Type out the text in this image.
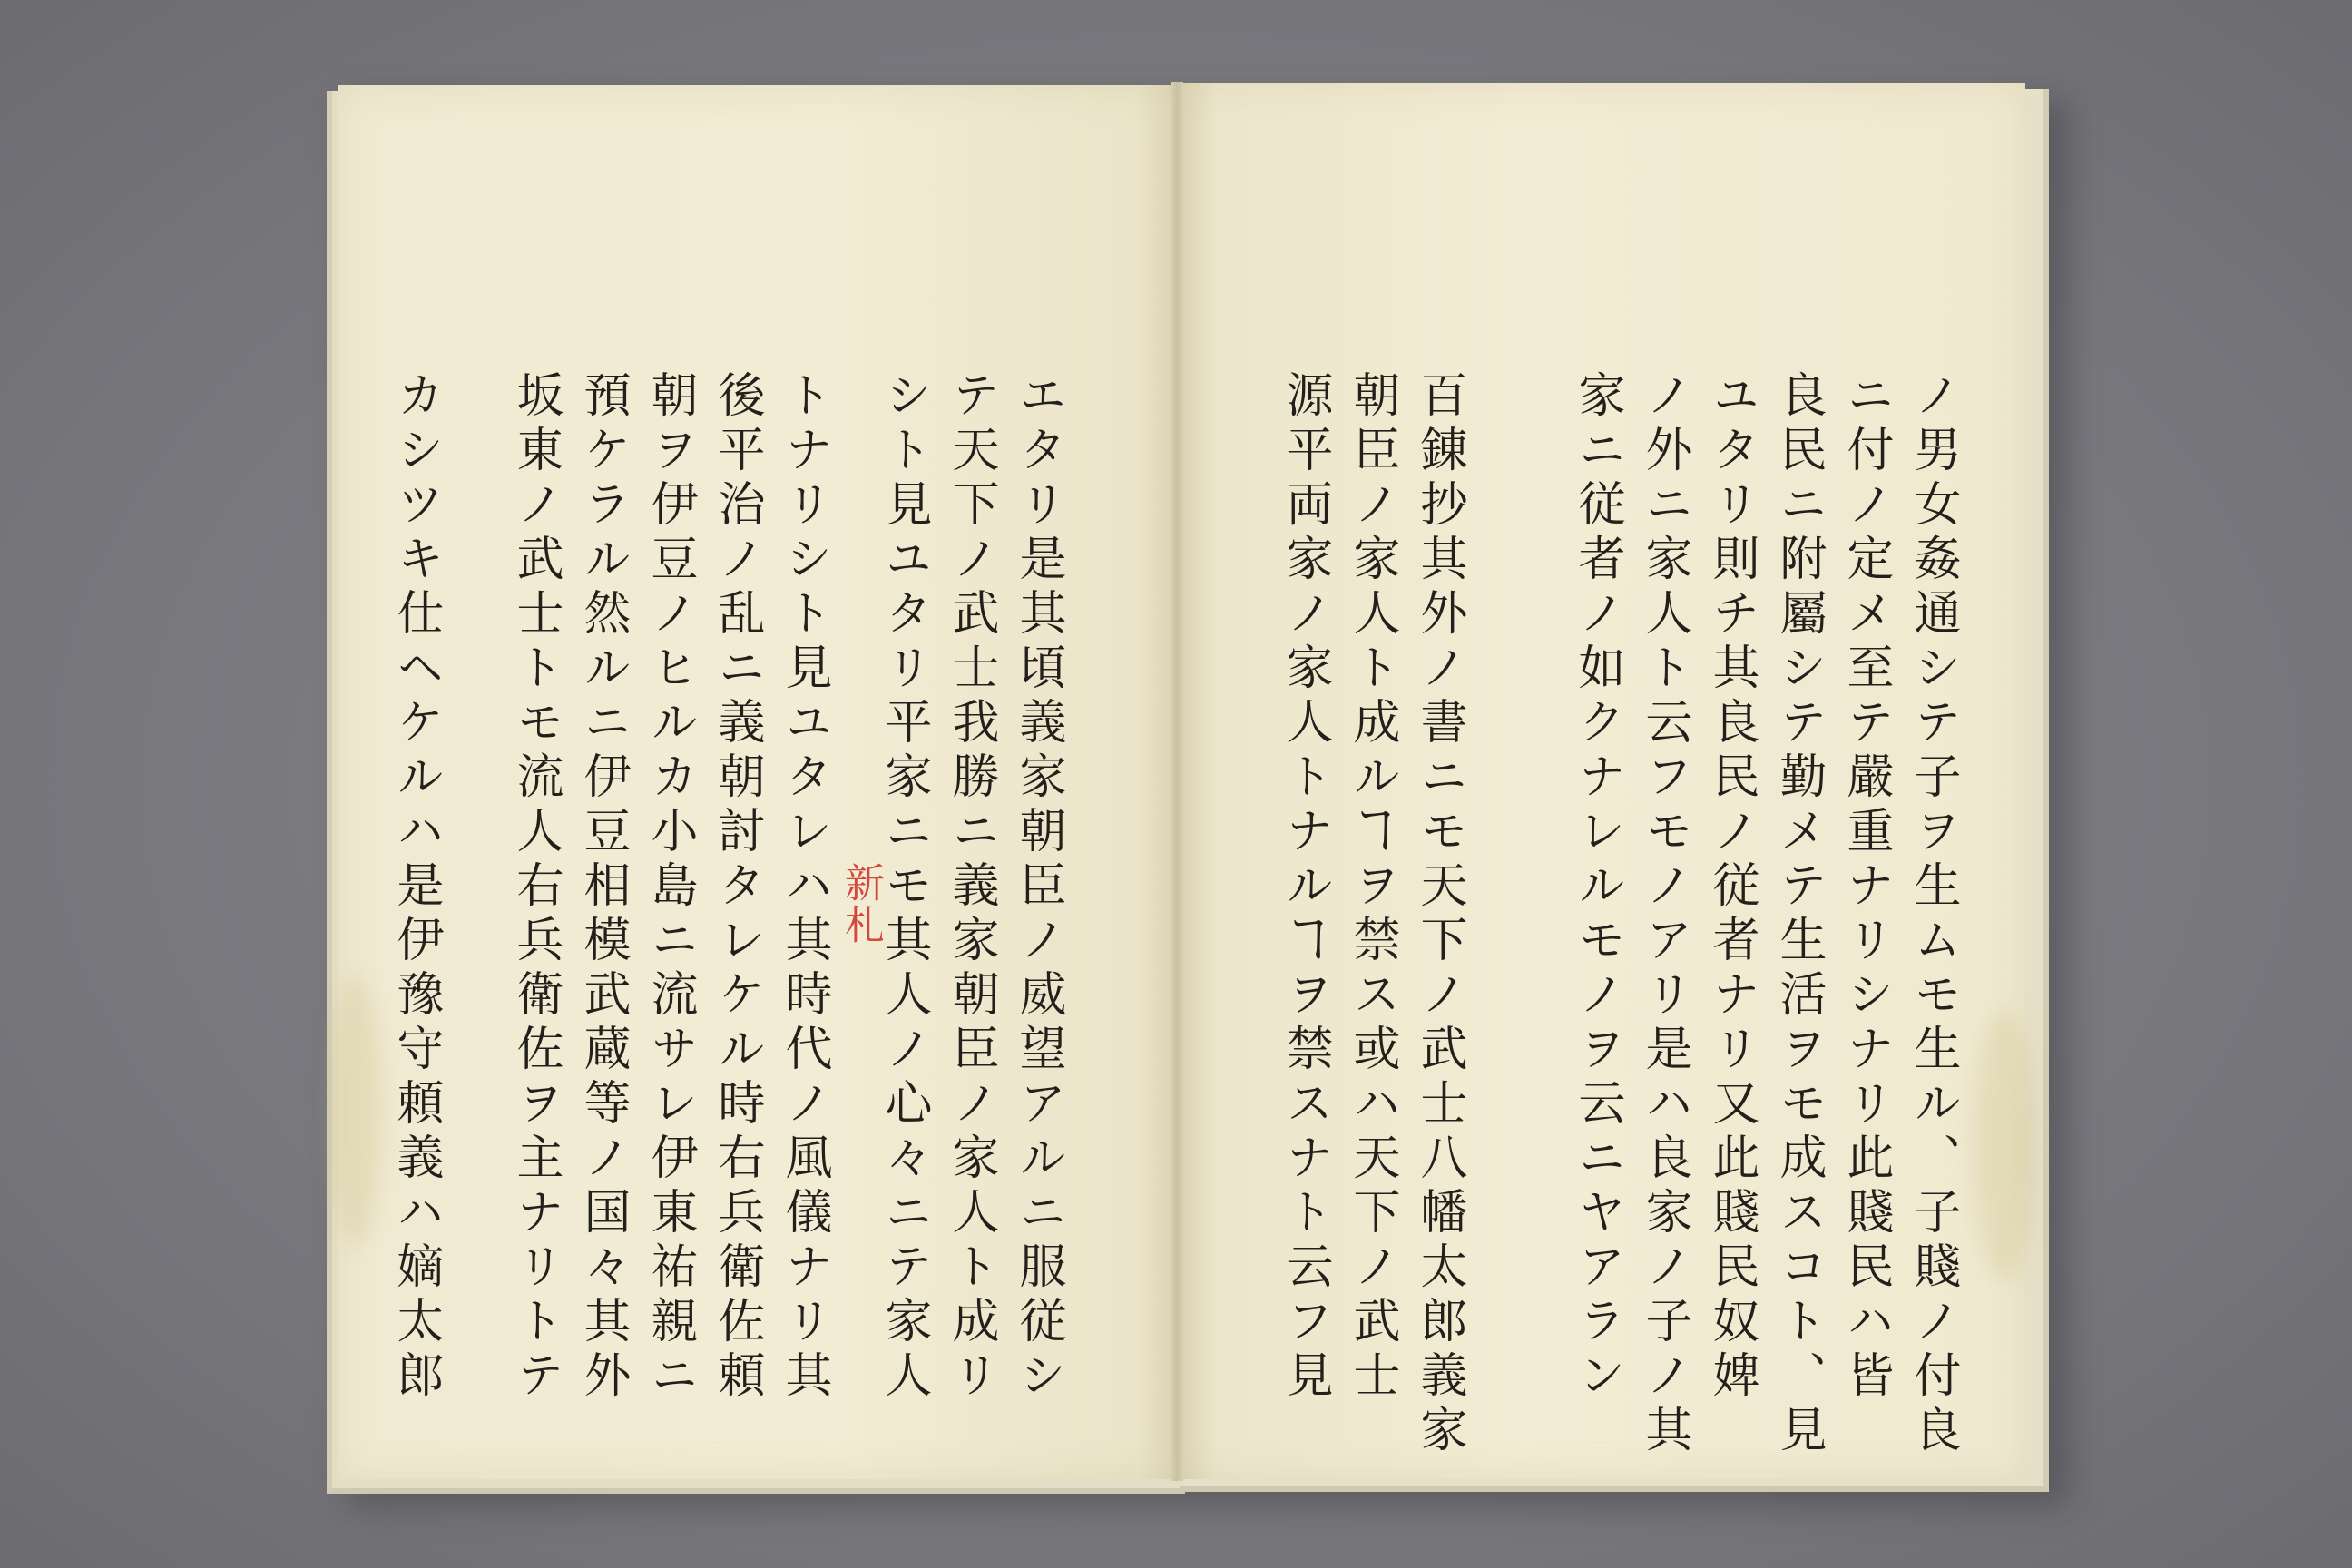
ノ男女姦通シテ子ヲ生ムモ生ル、子賤ノ付良
ニ付ノ定メ至テ嚴重ナリシナリ此賤民ハ皆
良民ニ附屬シテ勤メテ生活ヲモ成スコト、見
ユタリ則チ其良民ノ従者ナリ又此賤民奴婢
ノ外ニ家人ト云フモノアリ是ハ良家ノ子ノ其
家ニ従者ノ如クナレルモノヲ云ニヤアラン
百錬抄其外ノ書ニモ天下ノ武士八幡太郎義家
朝臣ノ家人ト成ルヿヲ禁ス或ハ天下ノ武士
源平両家ノ家人トナルヿヲ禁スナト云フ見
エタリ是其頃義家朝臣ノ威望アルニ服従シ
テ天下ノ武士我勝ニ義家朝臣ノ家人ト成リ
シト見ユタリ平家ニモ其人ノ心々ニテ家人
トナリシト見ユタレハ其時代ノ風儀ナリ其
後平治ノ乱ニ義朝討タレケル時右兵衛佐頼
朝ヲ伊豆ノヒルカ小島ニ流サレ伊東祐親ニ
預ケラル然ルニ伊豆相模武蔵等ノ国々其外
坂東ノ武士トモ流人右兵衛佐ヲ主ナリトテ
カシツキ仕ヘケルハ是伊豫守頼義ハ嫡太郎	新札
